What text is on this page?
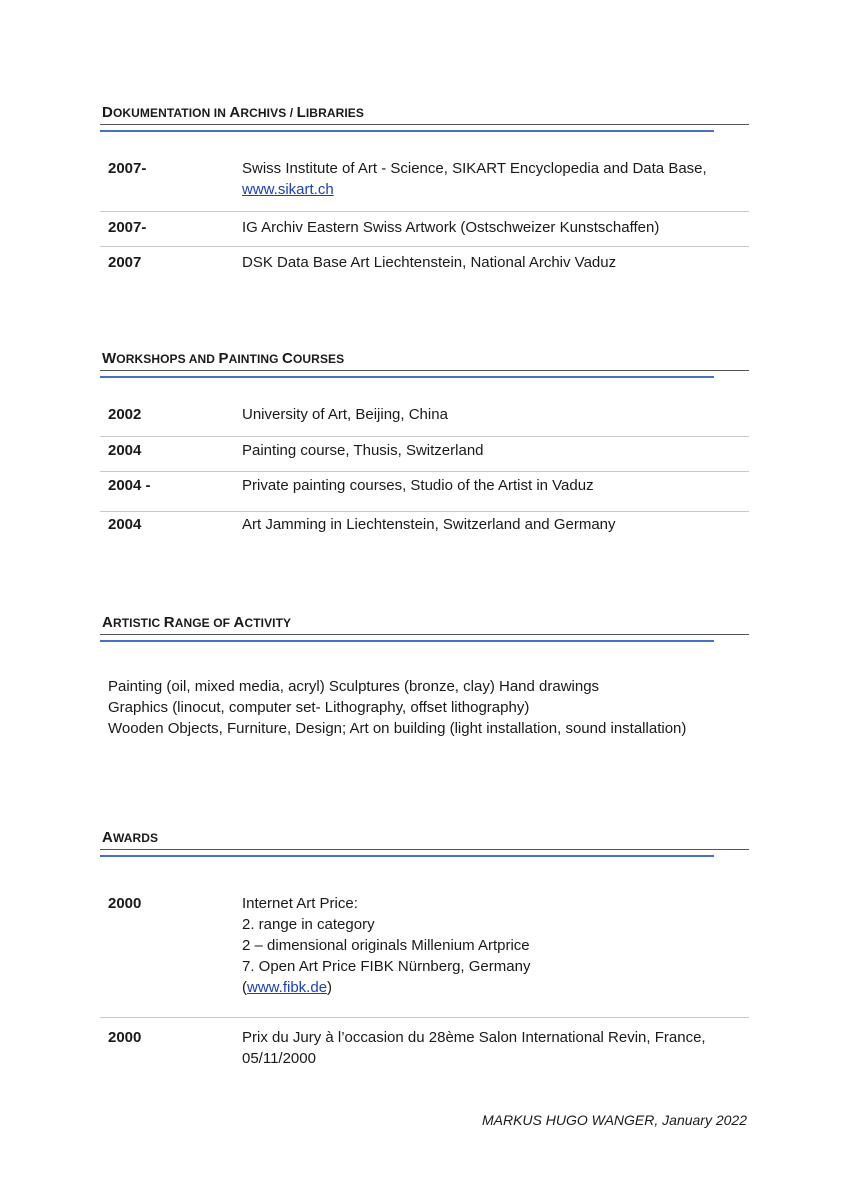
DOKUMENTATION IN ARCHIVS / LIBRARIES
2007-	Swiss Institute of Art - Science, SIKART Encyclopedia and Data Base,
www.sikart.ch
2007-	IG Archiv Eastern Swiss Artwork (Ostschweizer Kunstschaffen)
2007	DSK Data Base Art Liechtenstein, National Archiv Vaduz
WORKSHOPS AND PAINTING COURSES
2002	University of Art, Beijing, China
2004	Painting course, Thusis, Switzerland
2004 -	Private painting courses, Studio of the Artist in Vaduz
2004	Art Jamming in Liechtenstein, Switzerland and Germany
ARTISTIC RANGE OF ACTIVITY
Painting (oil, mixed media, acryl) Sculptures (bronze, clay) Hand drawings
Graphics (linocut, computer set- Lithography, offset lithography)
Wooden Objects, Furniture, Design; Art on building (light installation, sound installation)
AWARDS
2000	Internet Art Price:
2. range in category
2 – dimensional originals Millenium Artprice
7. Open Art Price FIBK Nürnberg, Germany
(www.fibk.de)
2000	Prix du Jury à l’occasion du 28ème Salon International Revin, France,
05/11/2000
MARKUS HUGO WANGER, January 2022
